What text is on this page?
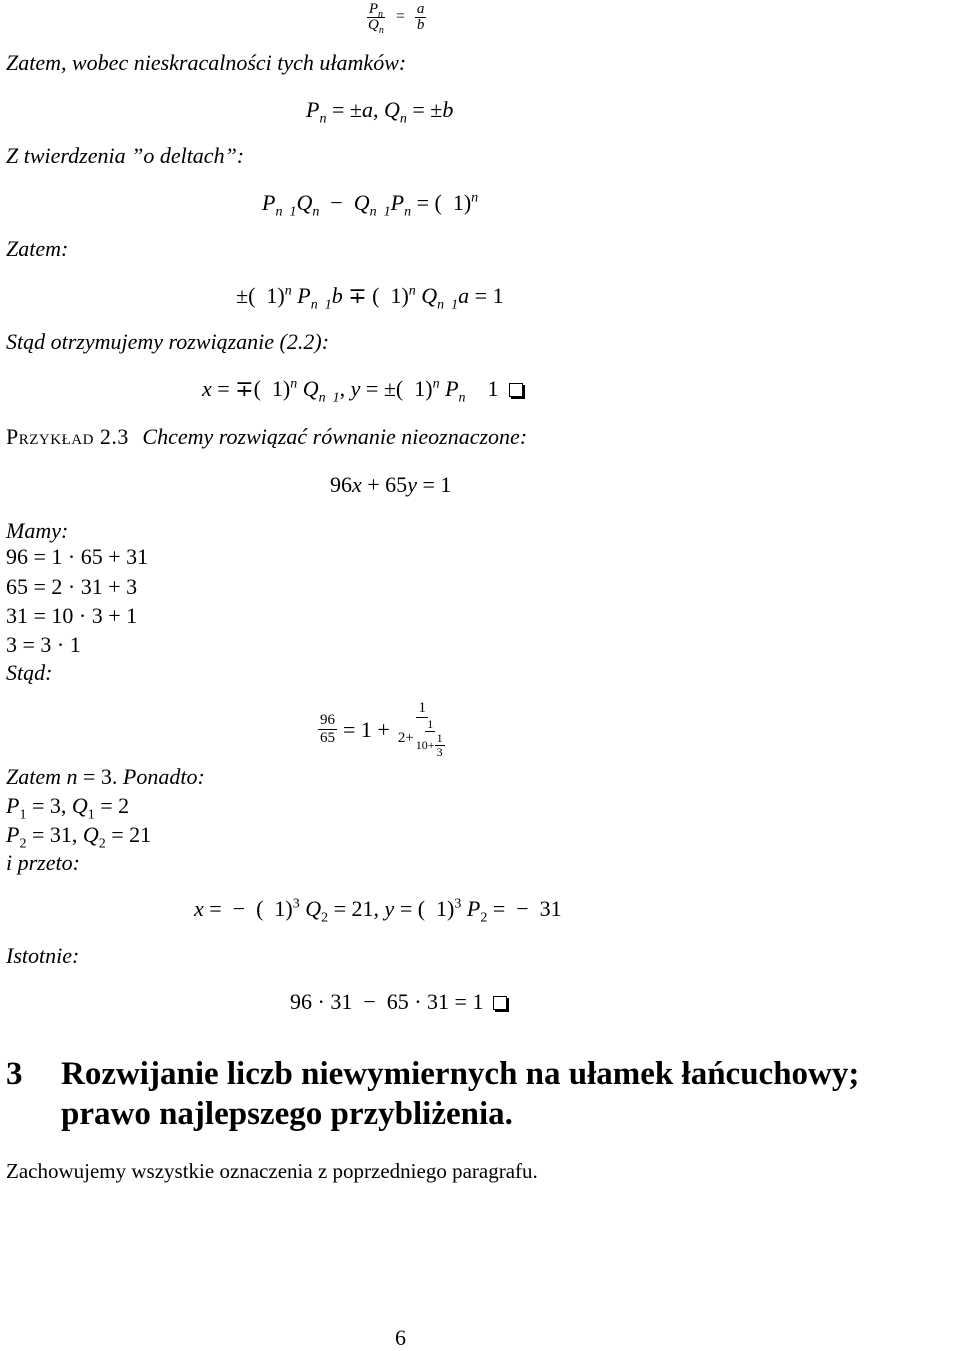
$\frac{P_n}{Q_n} = \frac{a}{b}$
Zatem, wobec nieskracalności tych ułamków:
$P_n = \pm a$, $Q_n = \pm b$
Z twierdzenia ”o deltach”:
$P_{n 1}Q_n - Q_{n 1}P_n$ = (  1)$^n$
Zatem:
±(  1)$^n$ $P_{n 1}b$ ∓ (  1)$^n$ $Q_{n 1}a = 1$
Stąd otrzymujemy rozwiązanie (2.2):
x = ∓(  1)$^n$ $Q_{n 1}$, y = ±(  1)$^n$ $P_n$    1
Przykład 2.3 Chcemy rozwiązać równanie nieoznaczone:
96x + 65y = 1
Mamy:
96 = 1 · 65 + 31
65 = 2 · 31 + 3
31 = 10 · 3 + 1
3 = 3 · 1
Stąd:
$\frac{96}{65} = 1$ +
1
$2+ \frac{1}{10+ \frac{1}{3}}$
Zatem n = 3. Ponadto:
$P_1 = 3$, $Q_1 = 2$
$P_2 = 31$, $Q_2 = 21$
i przeto:
x =  −  (  1)$^3$ $Q_2 = 21$, y = (  1)$^3$ $P_2$ =  −  31
Istotnie:
96 · 31  −  65 · 31 = 1
3	Rozwijanie liczb niewymiernych na ułamek łańcuchowy;
prawo najlepszego przybliżenia.
Zachowujemy wszystkie oznaczenia z poprzedniego paragrafu.
6
